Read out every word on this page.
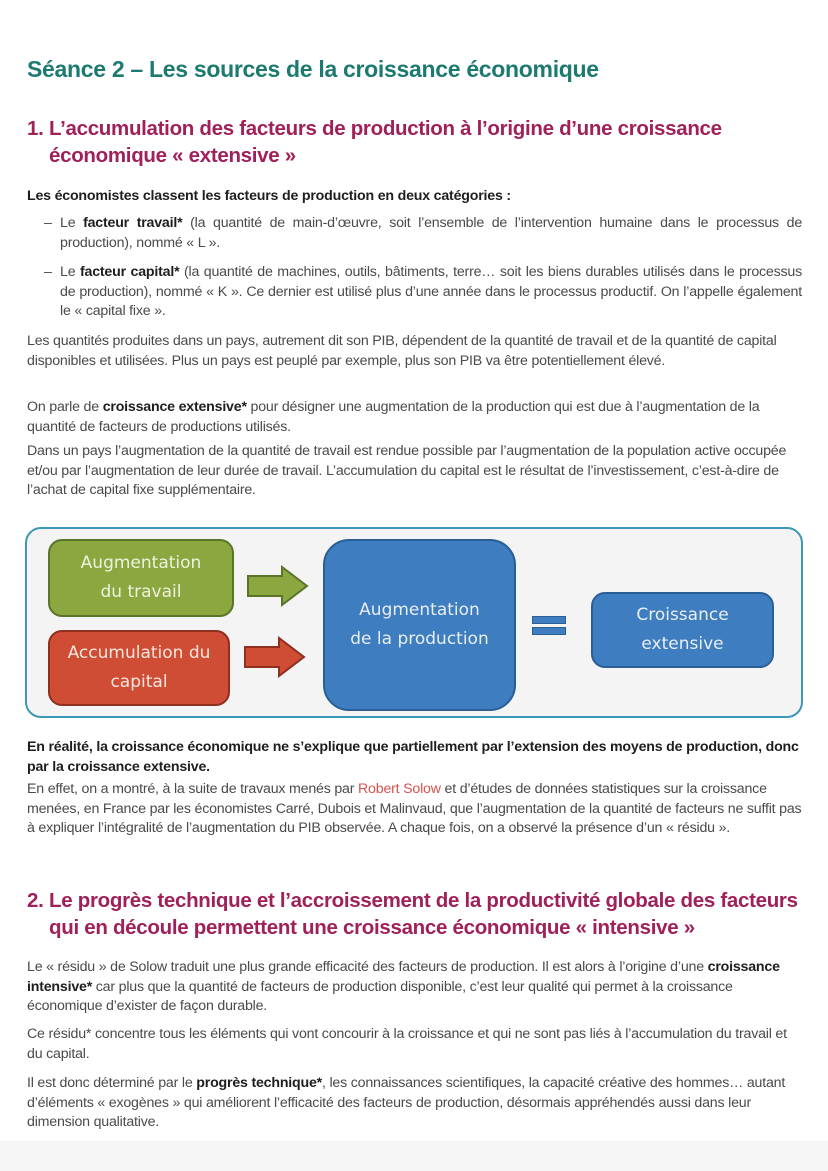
Séance 2 – Les sources de la croissance économique
1. L’accumulation des facteurs de production à l’origine d’une croissance
économique « extensive »

Les économistes classent les facteurs de production en deux catégories :

– Le facteur travail* (la quantité de main-d’œuvre, soit l’ensemble de l’intervention humaine dans le processus de production), nommé « L ».
– Le facteur capital* (la quantité de machines, outils, bâtiments, terre… soit les biens durables utilisés dans le processus de production), nommé « K ». Ce dernier est utilisé plus d’une année dans le processus productif. On l’appelle également le « capital fixe ».

Les quantités produites dans un pays, autrement dit son PIB, dépendent de la quantité de travail et de la quantité de capital disponibles et utilisées. Plus un pays est peuplé par exemple, plus son PIB va être potentiellement élevé.

On parle de croissance extensive* pour désigner une augmentation de la production qui est due à l’augmentation de la quantité de facteurs de productions utilisés.

Dans un pays l’augmentation de la quantité de travail est rendue possible par l’augmentation de la population active occupée et/ou par l’augmentation de leur durée de travail. L’accumulation du capital est le résultat de l’investissement, c’est-à-dire de l’achat de capital fixe supplémentaire.

Augmentation
du travail
Accumulation du
capital
Augmentation
de la production
Croissance
extensive

En réalité, la croissance économique ne s’explique que partiellement par l’extension des moyens de production, donc par la croissance extensive.

En effet, on a montré, à la suite de travaux menés par Robert Solow et d’études de données statistiques sur la croissance menées, en France par les économistes Carré, Dubois et Malinvaud, que l’augmentation de la quantité de facteurs ne suffit pas à expliquer l’intégralité de l’augmentation du PIB observée. A chaque fois, on a observé la présence d’un « résidu ».

2. Le progrès technique et l’accroissement de la productivité globale des facteurs
qui en découle permettent une croissance économique « intensive »

Le « résidu » de Solow traduit une plus grande efficacité des facteurs de production. Il est alors à l’origine d’une croissance intensive* car plus que la quantité de facteurs de production disponible, c’est leur qualité qui permet à la croissance économique d’exister de façon durable.

Ce résidu* concentre tous les éléments qui vont concourir à la croissance et qui ne sont pas liés à l’accumulation du travail et du capital.

Il est donc déterminé par le progrès technique*, les connaissances scientifiques, la capacité créative des hommes… autant d’éléments « exogènes » qui améliorent l’efficacité des facteurs de production, désormais appréhendés aussi dans leur dimension qualitative.
